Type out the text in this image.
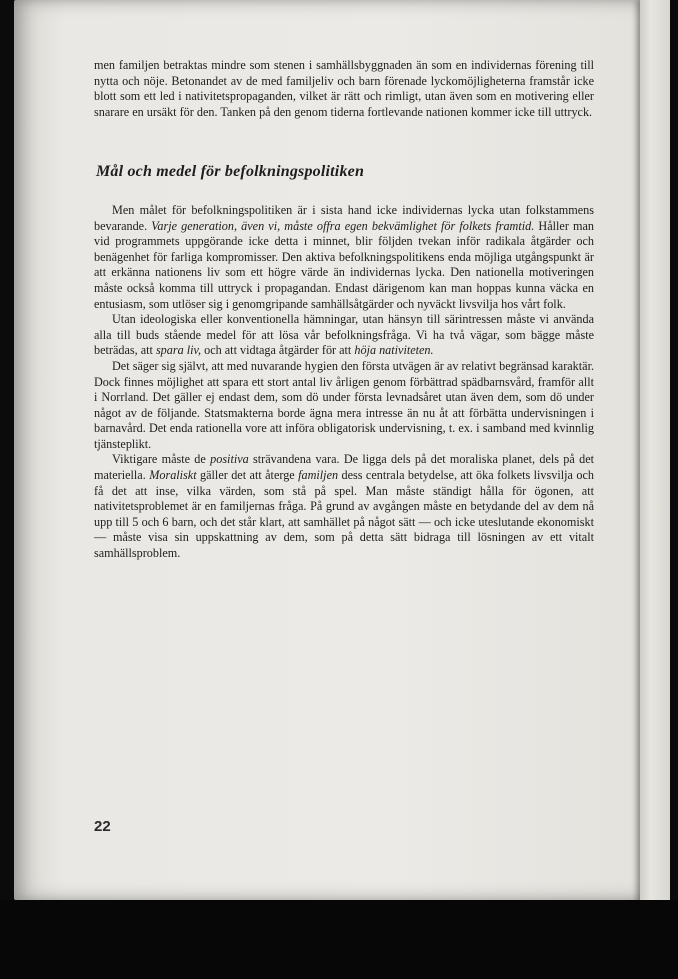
men familjen betraktas mindre som stenen i samhällsbyggnaden än som en individernas förening till nytta och nöje. Betonandet av de med familjeliv och barn förenade lyckomöjligheterna framstår icke blott som ett led i nativitetspropaganden, vilket är rätt och rimligt, utan även som en motivering eller snarare en ursäkt för den. Tanken på den genom tiderna fortlevande nationen kommer icke till uttryck.

Mål och medel för befolkningspolitiken

Men målet för befolkningspolitiken är i sista hand icke individernas lycka utan folkstammens bevarande. Varje generation, även vi, måste offra egen bekvämlighet för folkets framtid. Håller man vid programmets uppgörande icke detta i minnet, blir följden tvekan inför radikala åtgärder och benägenhet för farliga kompromisser. Den aktiva befolkningspolitikens enda möjliga utgångspunkt är att erkänna nationens liv som ett högre värde än individernas lycka. Den nationella motiveringen måste också komma till uttryck i propagandan. Endast därigenom kan man hoppas kunna väcka en entusiasm, som utlöser sig i genomgripande samhällsåtgärder och nyväckt livsvilja hos vårt folk.

Utan ideologiska eller konventionella hämningar, utan hänsyn till särintressen måste vi använda alla till buds stående medel för att lösa vår befolkningsfråga. Vi ha två vägar, som bägge måste beträdas, att spara liv, och att vidtaga åtgärder för att höja nativiteten.

Det säger sig självt, att med nuvarande hygien den första utvägen är av relativt begränsad karaktär. Dock finnes möjlighet att spara ett stort antal liv årligen genom förbättrad spädbarnsvård, framför allt i Norrland. Det gäller ej endast dem, som dö under första levnadsåret utan även dem, som dö under något av de följande. Statsmakterna borde ägna mera intresse än nu åt att förbätta undervisningen i barnavård. Det enda rationella vore att införa obligatorisk undervisning, t. ex. i samband med kvinnlig tjänsteplikt.

Viktigare måste de positiva strävandena vara. De ligga dels på det moraliska planet, dels på det materiella. Moraliskt gäller det att återge familjen dess centrala betydelse, att öka folkets livsvilja och få det att inse, vilka värden, som stå på spel. Man måste ständigt hålla för ögonen, att nativitetsproblemet är en familjernas fråga. På grund av avgången måste en betydande del av dem nå upp till 5 och 6 barn, och det står klart, att samhället på något sätt — och icke uteslutande ekonomiskt — måste visa sin uppskattning av dem, som på detta sätt bidraga till lösningen av ett vitalt samhällsproblem.

22
